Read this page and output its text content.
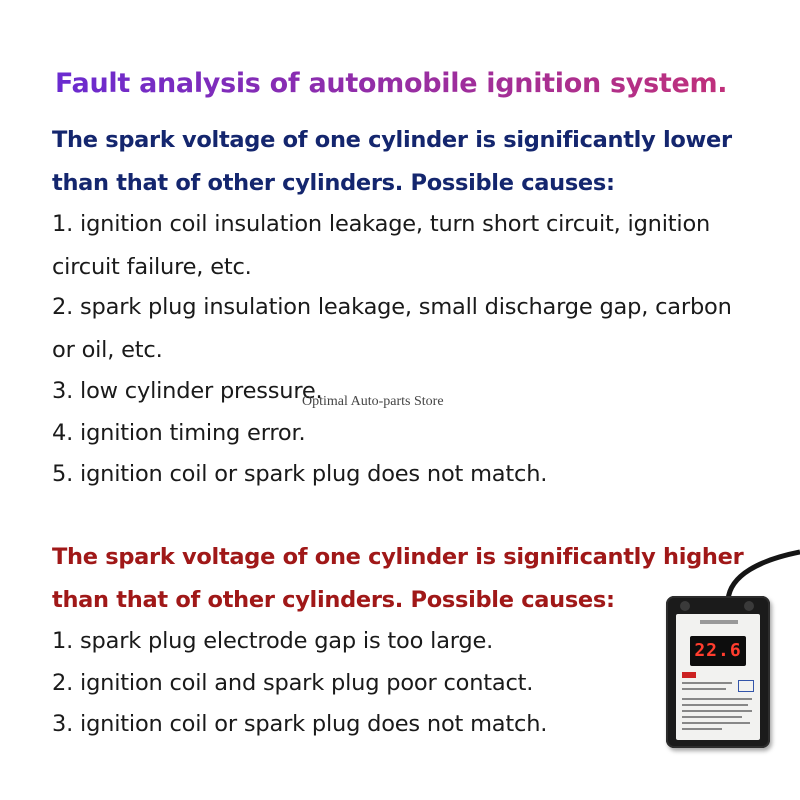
Fault analysis of automobile ignition system.
The spark voltage of one cylinder is significantly lower
than that of other cylinders. Possible causes:
1. ignition coil insulation leakage, turn short circuit, ignition
circuit failure, etc.
2. spark plug insulation leakage, small discharge gap, carbon
or oil, etc.
3. low cylinder pressure.
4. ignition timing error.
5. ignition coil or spark plug does not match.
The spark voltage of one cylinder is significantly higher
than that of other cylinders. Possible causes:
1. spark plug electrode gap is too large.
2. ignition coil and spark plug poor contact.
3. ignition coil or spark plug does not match.
Optimal Auto-parts Store
22.6
